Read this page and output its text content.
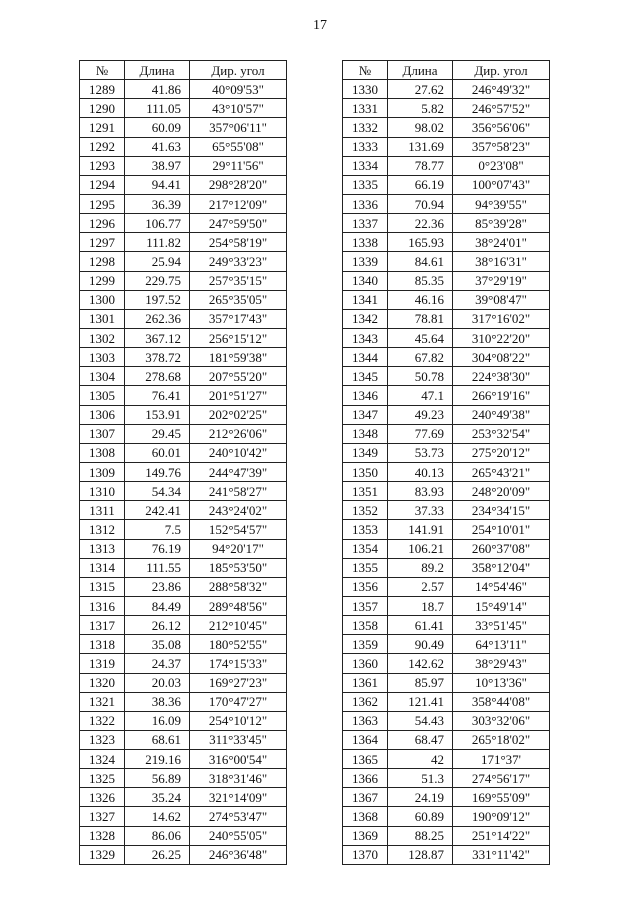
17
№	Длина	Дир. угол
1289	41.86	40°09'53"
1290	111.05	43°10'57"
1291	60.09	357°06'11"
1292	41.63	65°55'08"
1293	38.97	29°11'56"
1294	94.41	298°28'20"
1295	36.39	217°12'09"
1296	106.77	247°59'50"
1297	111.82	254°58'19"
1298	25.94	249°33'23"
1299	229.75	257°35'15"
1300	197.52	265°35'05"
1301	262.36	357°17'43"
1302	367.12	256°15'12"
1303	378.72	181°59'38"
1304	278.68	207°55'20"
1305	76.41	201°51'27"
1306	153.91	202°02'25"
1307	29.45	212°26'06"
1308	60.01	240°10'42"
1309	149.76	244°47'39"
1310	54.34	241°58'27"
1311	242.41	243°24'02"
1312	7.5	152°54'57"
1313	76.19	94°20'17"
1314	111.55	185°53'50"
1315	23.86	288°58'32"
1316	84.49	289°48'56"
1317	26.12	212°10'45"
1318	35.08	180°52'55"
1319	24.37	174°15'33"
1320	20.03	169°27'23"
1321	38.36	170°47'27"
1322	16.09	254°10'12"
1323	68.61	311°33'45"
1324	219.16	316°00'54"
1325	56.89	318°31'46"
1326	35.24	321°14'09"
1327	14.62	274°53'47"
1328	86.06	240°55'05"
1329	26.25	246°36'48"
№	Длина	Дир. угол
1330	27.62	246°49'32"
1331	5.82	246°57'52"
1332	98.02	356°56'06"
1333	131.69	357°58'23"
1334	78.77	0°23'08"
1335	66.19	100°07'43"
1336	70.94	94°39'55"
1337	22.36	85°39'28"
1338	165.93	38°24'01"
1339	84.61	38°16'31"
1340	85.35	37°29'19"
1341	46.16	39°08'47"
1342	78.81	317°16'02"
1343	45.64	310°22'20"
1344	67.82	304°08'22"
1345	50.78	224°38'30"
1346	47.1	266°19'16"
1347	49.23	240°49'38"
1348	77.69	253°32'54"
1349	53.73	275°20'12"
1350	40.13	265°43'21"
1351	83.93	248°20'09"
1352	37.33	234°34'15"
1353	141.91	254°10'01"
1354	106.21	260°37'08"
1355	89.2	358°12'04"
1356	2.57	14°54'46"
1357	18.7	15°49'14"
1358	61.41	33°51'45"
1359	90.49	64°13'11"
1360	142.62	38°29'43"
1361	85.97	10°13'36"
1362	121.41	358°44'08"
1363	54.43	303°32'06"
1364	68.47	265°18'02"
1365	42	171°37'
1366	51.3	274°56'17"
1367	24.19	169°55'09"
1368	60.89	190°09'12"
1369	88.25	251°14'22"
1370	128.87	331°11'42"
